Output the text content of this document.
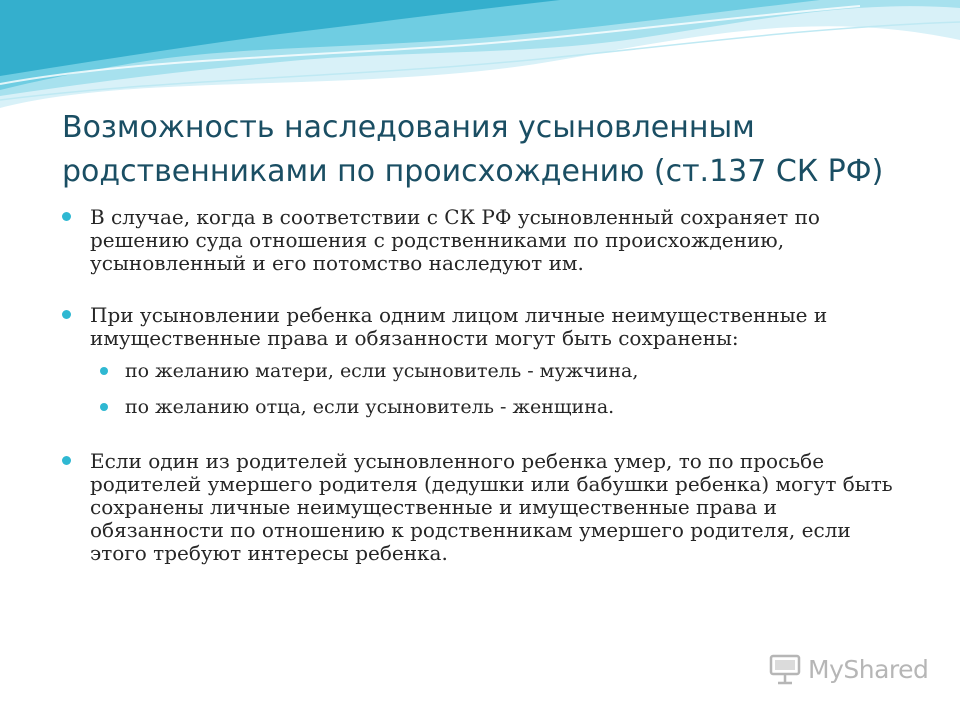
Возможность наследования усыновленным родственниками по происхождению (ст.137 СК РФ)
В случае, когда в соответствии с СК РФ усыновленный сохраняет по решению суда отношения с родственниками по происхождению, усыновленный и его потомство наследуют им.
При усыновлении ребенка одним лицом личные неимущественные и имущественные права и обязанности могут быть сохранены:
по желанию матери, если усыновитель - мужчина,
по желанию отца, если усыновитель - женщина.
Если один из родителей усыновленного ребенка умер, то по просьбе родителей умершего родителя (дедушки или бабушки ребенка) могут быть сохранены личные неимущественные и имущественные права и обязанности по отношению к родственникам умершего родителя, если этого требуют интересы ребенка.
MyShared
